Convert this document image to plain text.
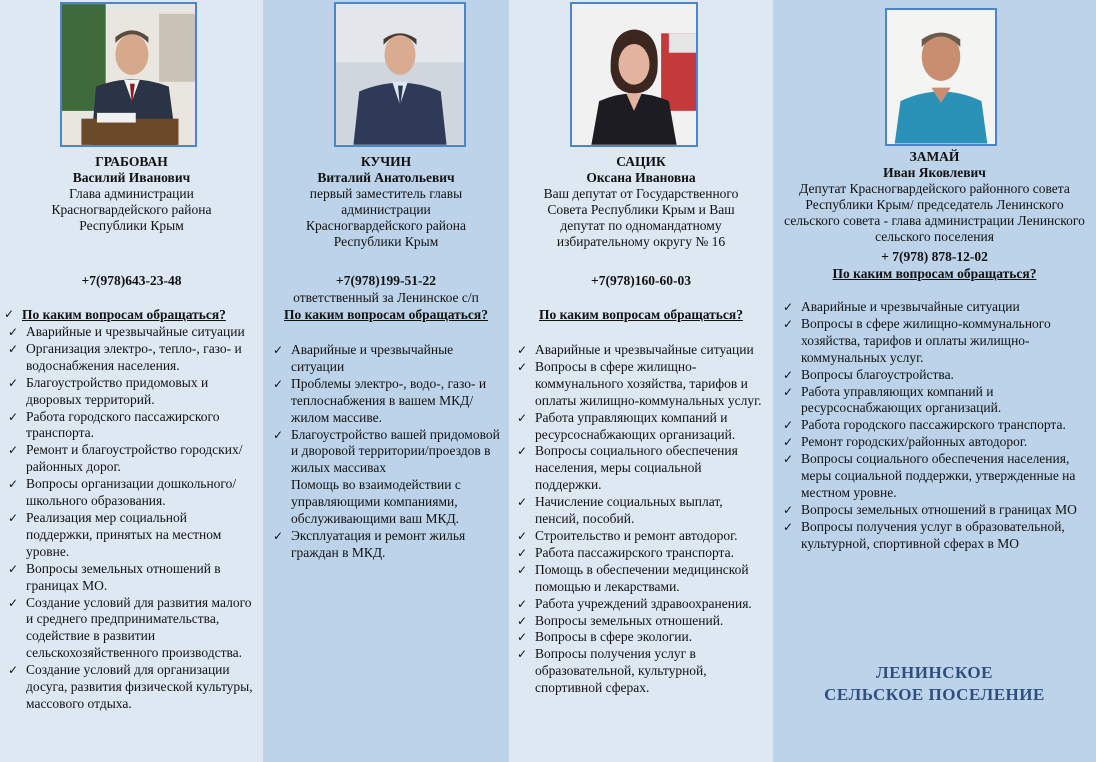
ГРАБОВАН
Василий Иванович
Глава администрации Красногвардейского района Республики Крым
+7(978)643-23-48
✓ По каким вопросам обращаться?
✓ Аварийные и чрезвычайные ситуации
✓ Организация электро-, тепло-, газо- и водоснабжения населения.
✓ Благоустройство придомовых и дворовых территорий.
✓ Работа городского пассажирского транспорта.
✓ Ремонт и благоустройство городских/районных дорог.
✓ Вопросы организации дошкольного/школьного образования.
✓ Реализация мер социальной поддержки, принятых на местном уровне.
✓ Вопросы земельных отношений в границах МО.
✓ Создание условий для развития малого и среднего предпринимательства, содействие в развитии сельскохозяйственного производства.
✓ Создание условий для организации досуга, развития физической культуры, массового отдыха.
КУЧИН
Виталий Анатольевич
первый заместитель главы администрации Красногвардейского района Республики Крым
+7(978)199-51-22
ответственный за Ленинское с/п
По каким вопросам обращаться?
✓ Аварийные и чрезвычайные ситуации
✓ Проблемы электро-, водо-, газо- и теплоснабжения в вашем МКД/жилом массиве.
✓ Благоустройство вашей придомовой и дворовой территории/проездов в жилых массивах
Помощь во взаимодействии с управляющими компаниями, обслуживающими ваш МКД.
✓ Эксплуатация и ремонт жилья граждан в МКД.
САЦИК
Оксана Ивановна
Ваш депутат от Государственного Совета Республики Крым и Ваш депутат по одномандатному избирательному округу № 16
+7(978)160-60-03
По каким вопросам обращаться?
✓ Аварийные и чрезвычайные ситуации
✓ Вопросы в сфере жилищно-коммунального хозяйства, тарифов и оплаты жилищно-коммунальных услуг.
✓ Работа управляющих компаний и ресурсоснабжающих организаций.
✓ Вопросы социального обеспечения населения, меры социальной поддержки.
✓ Начисление социальных выплат, пенсий, пособий.
✓ Строительство и ремонт автодорог.
✓ Работа пассажирского транспорта.
✓ Помощь в обеспечении медицинской помощью и лекарствами.
✓ Работа учреждений здравоохранения.
✓ Вопросы земельных отношений.
✓ Вопросы в сфере экологии.
✓ Вопросы получения услуг в образовательной, культурной, спортивной сферах.
ЗАМАЙ
Иван Яковлевич
Депутат Красногвардейского районного совета Республики Крым/ председатель Ленинского сельского совета - глава администрации Ленинского сельского поселения
+ 7(978) 878-12-02
По каким вопросам обращаться?
✓ Аварийные и чрезвычайные ситуации
✓ Вопросы в сфере жилищно-коммунального хозяйства, тарифов и оплаты жилищно-коммунальных услуг.
✓ Вопросы благоустройства.
✓ Работа управляющих компаний и ресурсоснабжающих организаций.
✓ Работа городского пассажирского транспорта.
✓ Ремонт городских/районных автодорог.
✓ Вопросы социального обеспечения населения, меры социальной поддержки, утвержденные на местном уровне.
✓ Вопросы земельных отношений в границах МО
✓ Вопросы получения услуг в образовательной, культурной, спортивной сферах в МО
ЛЕНИНСКОЕ
СЕЛЬСКОЕ ПОСЕЛЕНИЕ
